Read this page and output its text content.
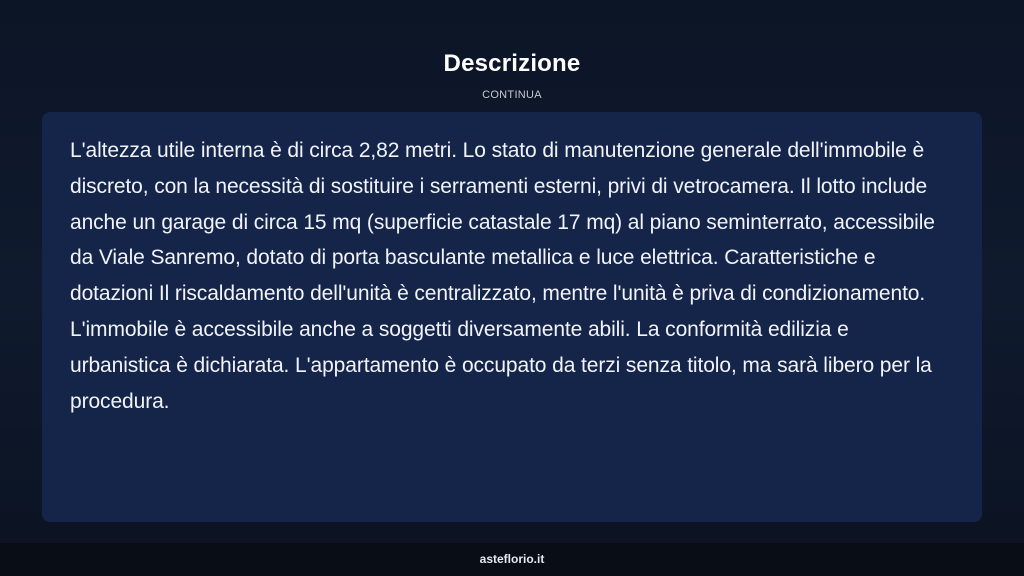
Descrizione
CONTINUA

L'altezza utile interna è di circa 2,82 metri. Lo stato di manutenzione generale dell'immobile è discreto, con la necessità di sostituire i serramenti esterni, privi di vetrocamera. Il lotto include anche un garage di circa 15 mq (superficie catastale 17 mq) al piano seminterrato, accessibile da Viale Sanremo, dotato di porta basculante metallica e luce elettrica. Caratteristiche e dotazioni Il riscaldamento dell'unità è centralizzato, mentre l'unità è priva di condizionamento. L'immobile è accessibile anche a soggetti diversamente abili. La conformità edilizia e urbanistica è dichiarata. L'appartamento è occupato da terzi senza titolo, ma sarà libero per la procedura.

asteflorio.it
